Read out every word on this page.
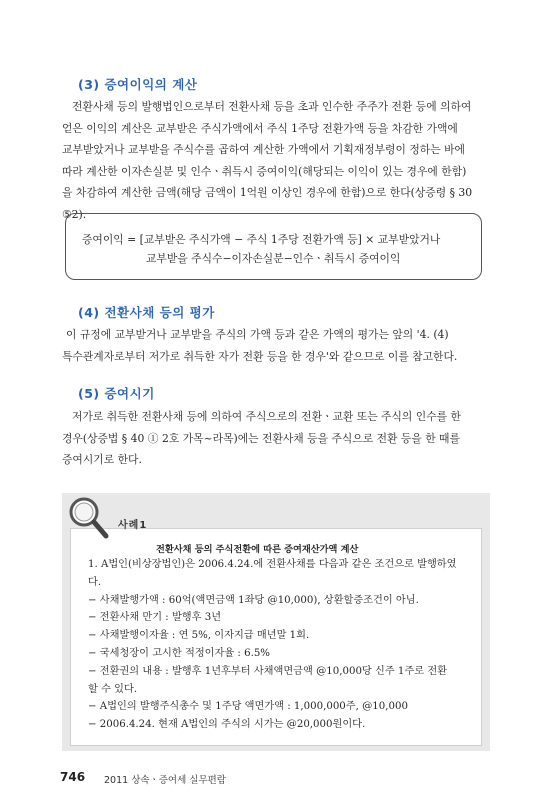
(3) 증여이익의 계산
전환사채 등의 발행법인으로부터 전환사채 등을 초과 인수한 주주가 전환 등에 의하여
얻은 이익의 계산은 교부받은 주식가액에서 주식 1주당 전환가액 등을 차감한 가액에
교부받았거나 교부받을 주식수를 곱하여 계산한 가액에서 기획재정부령이 정하는 바에
따라 계산한 이자손실분 및 인수ㆍ취득시 증여이익(해당되는 이익이 있는 경우에 한함)
을 차감하여 계산한 금액(해당 금액이 1억원 이상인 경우에 한함)으로 한다(상증령 § 30
⑤2).
증여이익 = [교부받은 주식가액 − 주식 1주당 전환가액 등] × 교부받았거나
교부받을 주식수−이자손실분−인수ㆍ취득시 증여이익
(4) 전환사채 등의 평가
이 규정에 교부받거나 교부받을 주식의 가액 등과 같은 가액의 평가는 앞의 '4. (4)
특수관계자로부터 저가로 취득한 자가 전환 등을 한 경우'와 같으므로 이를 참고한다.
(5) 증여시기
저가로 취득한 전환사채 등에 의하여 주식으로의 전환ㆍ교환 또는 주식의 인수를 한
경우(상증법 § 40 ① 2호 가목~라목)에는 전환사채 등을 주식으로 전환 등을 한 때를
증여시기로 한다.
사례1
전환사채 등의 주식전환에 따른 증여재산가액 계산
1. A법인(비상장법인)은 2006.4.24.에 전환사채를 다음과 같은 조건으로 발행하였
다.
− 사채발행가액 : 60억(액면금액 1좌당 @10,000), 상환할증조건이 아님.
− 전환사채 만기 : 발행후 3년
− 사채발행이자율 : 연 5%, 이자지급 매년말 1회.
− 국세청장이 고시한 적정이자율 : 6.5%
− 전환권의 내용 : 발행후 1년후부터 사채액면금액 @10,000당 신주 1주로 전환
할 수 있다.
− A법인의 발행주식총수 및 1주당 액면가액 : 1,000,000주, @10,000
− 2006.4.24. 현재 A법인의 주식의 시가는 @20,000원이다.
746 2011 상속ㆍ증여세 실무편람
